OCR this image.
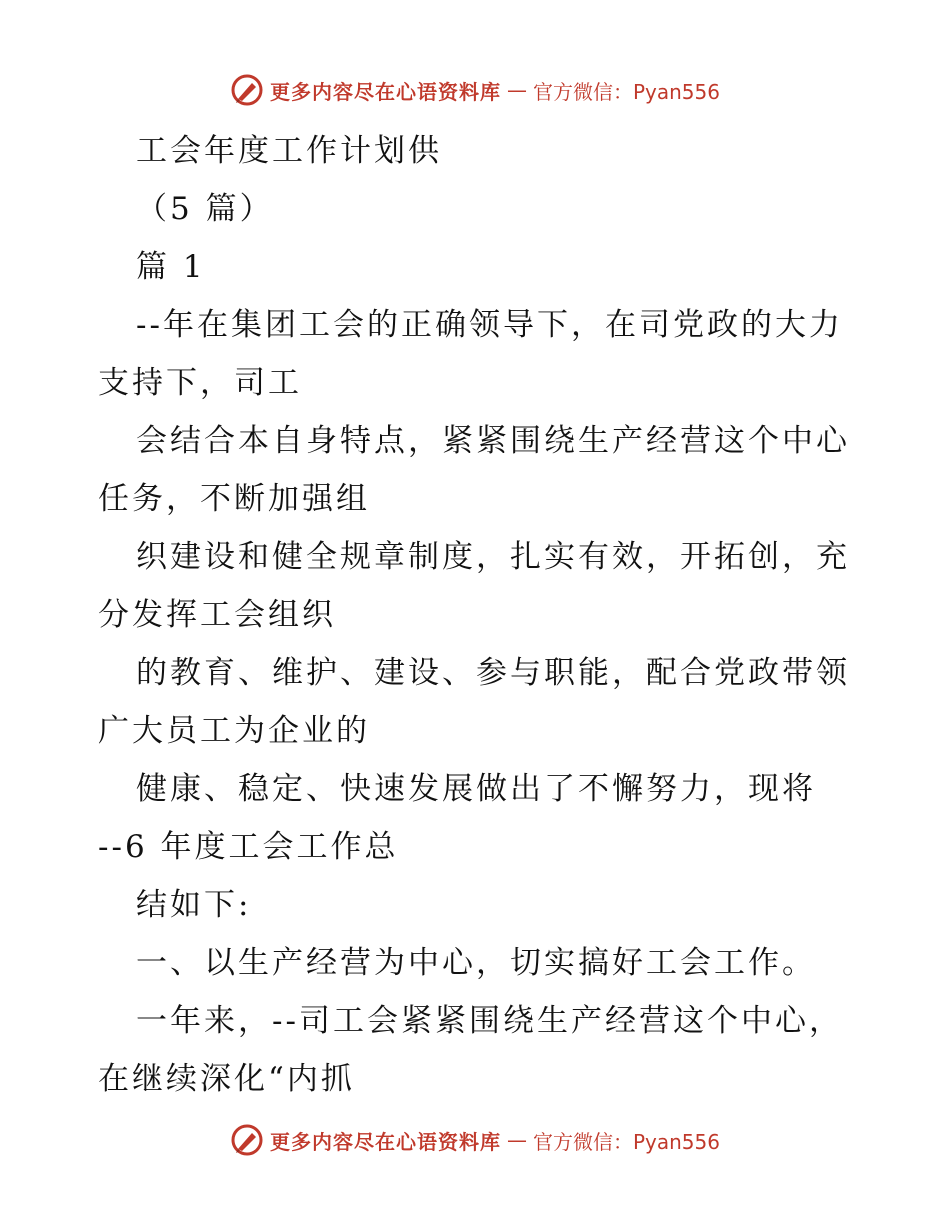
更多内容尽在心语资料库 — 官方微信：Pyan556
工会年度工作计划供
（5 篇）
篇 1
--年在集团工会的正确领导下，在司党政的大力
支持下，司工
会结合本自身特点，紧紧围绕生产经营这个中心
任务，不断加强组
织建设和健全规章制度，扎实有效，开拓创，充
分发挥工会组织
的教育、维护、建设、参与职能，配合党政带领
广大员工为企业的
健康、稳定、快速发展做出了不懈努力，现将
--6 年度工会工作总
结如下:
一、以生产经营为中心，切实搞好工会工作。
一年来，--司工会紧紧围绕生产经营这个中心，
在继续深化“内抓
更多内容尽在心语资料库 — 官方微信：Pyan556
